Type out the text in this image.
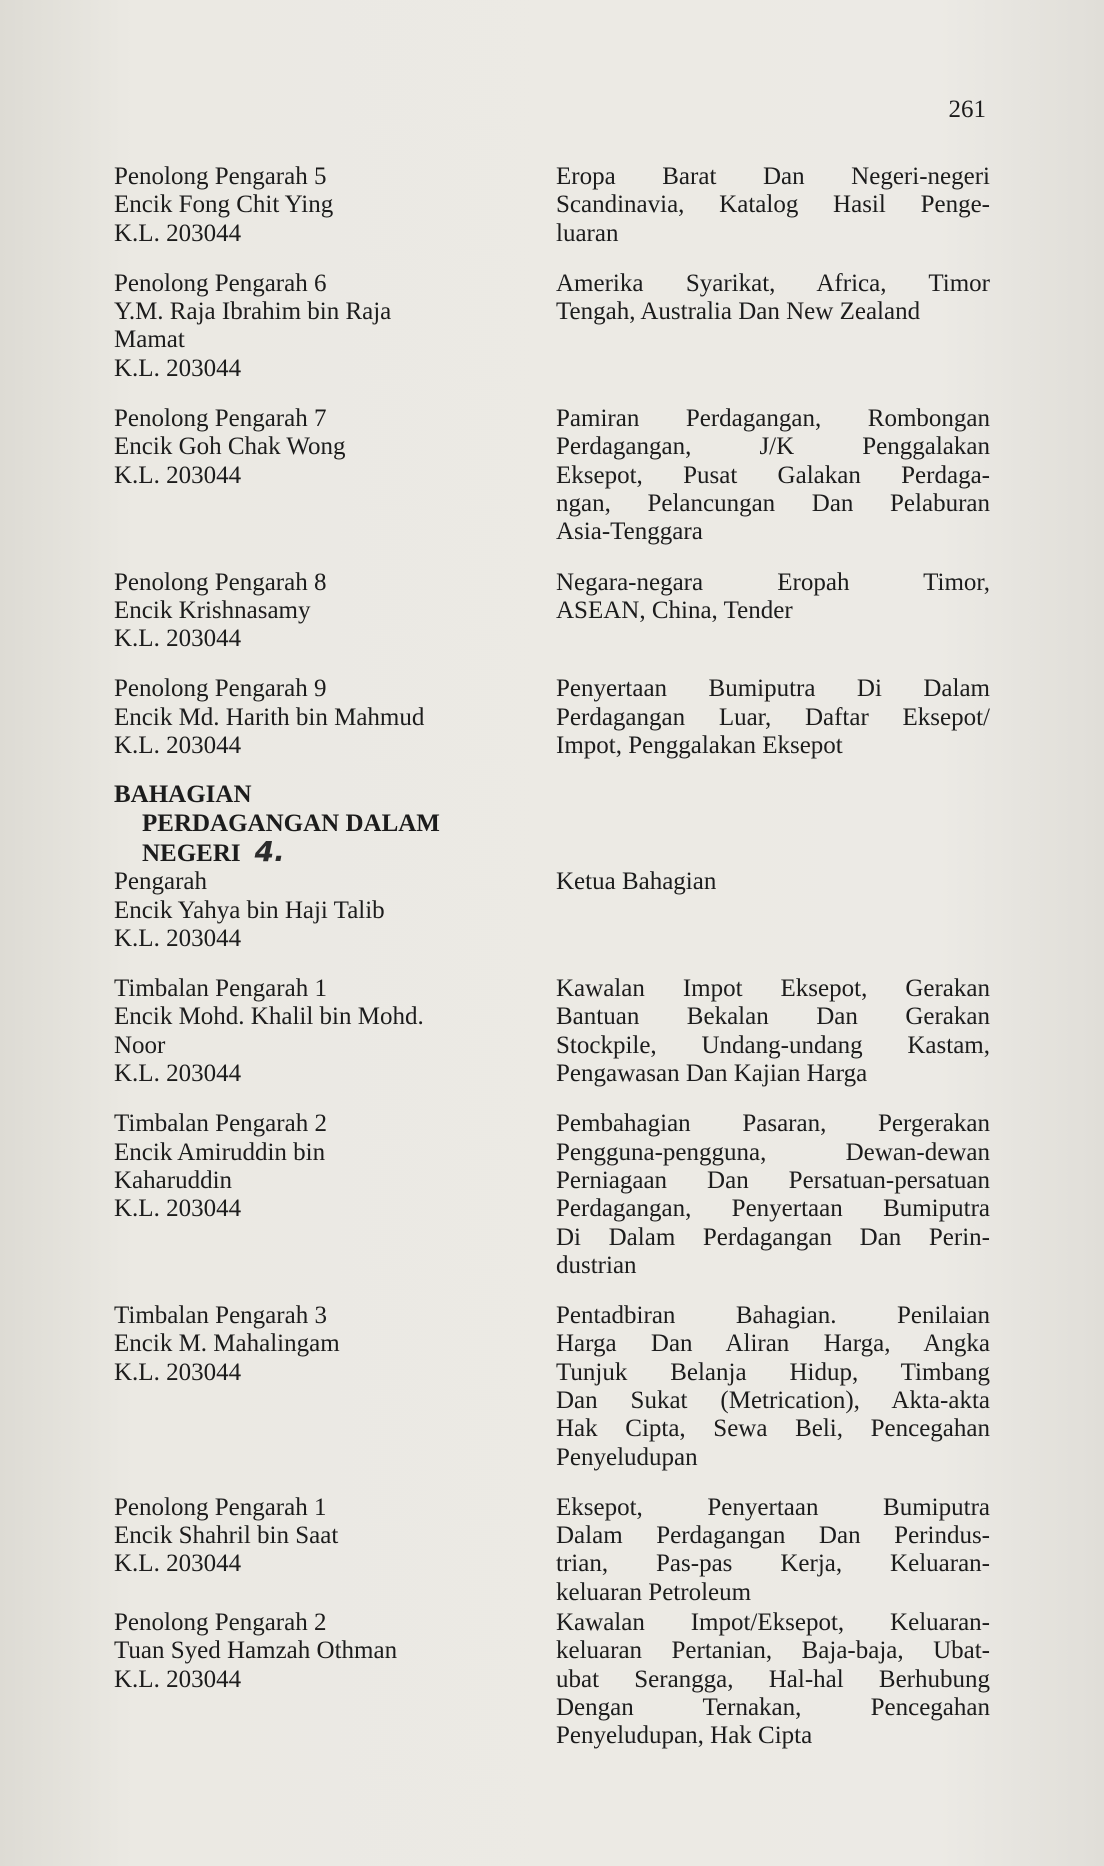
261
Penolong Pengarah 5
Encik Fong Chit Ying
K.L. 203044
Eropa Barat Dan Negeri-negeri
Scandinavia, Katalog Hasil Penge-
luaran
Penolong Pengarah 6
Y.M. Raja Ibrahim bin Raja
Mamat
K.L. 203044
Amerika Syarikat, Africa, Timor
Tengah, Australia Dan New Zealand
Penolong Pengarah 7
Encik Goh Chak Wong
K.L. 203044
Pamiran Perdagangan, Rombongan
Perdagangan, J/K Penggalakan
Eksepot, Pusat Galakan Perdaga-
ngan, Pelancungan Dan Pelaburan
Asia-Tenggara
Penolong Pengarah 8
Encik Krishnasamy
K.L. 203044
Negara-negara Eropah Timor,
ASEAN, China, Tender
Penolong Pengarah 9
Encik Md. Harith bin Mahmud
K.L. 203044
Penyertaan Bumiputra Di Dalam
Perdagangan Luar, Daftar Eksepot/
Impot, Penggalakan Eksepot
BAHAGIAN
PERDAGANGAN DALAM
NEGERI 4.
Pengarah
Encik Yahya bin Haji Talib
K.L. 203044
Ketua Bahagian
Timbalan Pengarah 1
Encik Mohd. Khalil bin Mohd.
Noor
K.L. 203044
Kawalan Impot Eksepot, Gerakan
Bantuan Bekalan Dan Gerakan
Stockpile, Undang-undang Kastam,
Pengawasan Dan Kajian Harga
Timbalan Pengarah 2
Encik Amiruddin bin
Kaharuddin
K.L. 203044
Pembahagian Pasaran, Pergerakan
Pengguna-pengguna, Dewan-dewan
Perniagaan Dan Persatuan-persatuan
Perdagangan, Penyertaan Bumiputra
Di Dalam Perdagangan Dan Perin-
dustrian
Timbalan Pengarah 3
Encik M. Mahalingam
K.L. 203044
Pentadbiran Bahagian. Penilaian
Harga Dan Aliran Harga, Angka
Tunjuk Belanja Hidup, Timbang
Dan Sukat (Metrication), Akta-akta
Hak Cipta, Sewa Beli, Pencegahan
Penyeludupan
Penolong Pengarah 1
Encik Shahril bin Saat
K.L. 203044
Eksepot, Penyertaan Bumiputra
Dalam Perdagangan Dan Perindus-
trian, Pas-pas Kerja, Keluaran-
keluaran Petroleum
Penolong Pengarah 2
Tuan Syed Hamzah Othman
K.L. 203044
Kawalan Impot/Eksepot, Keluaran-
keluaran Pertanian, Baja-baja, Ubat-
ubat Serangga, Hal-hal Berhubung
Dengan Ternakan, Pencegahan
Penyeludupan, Hak Cipta
